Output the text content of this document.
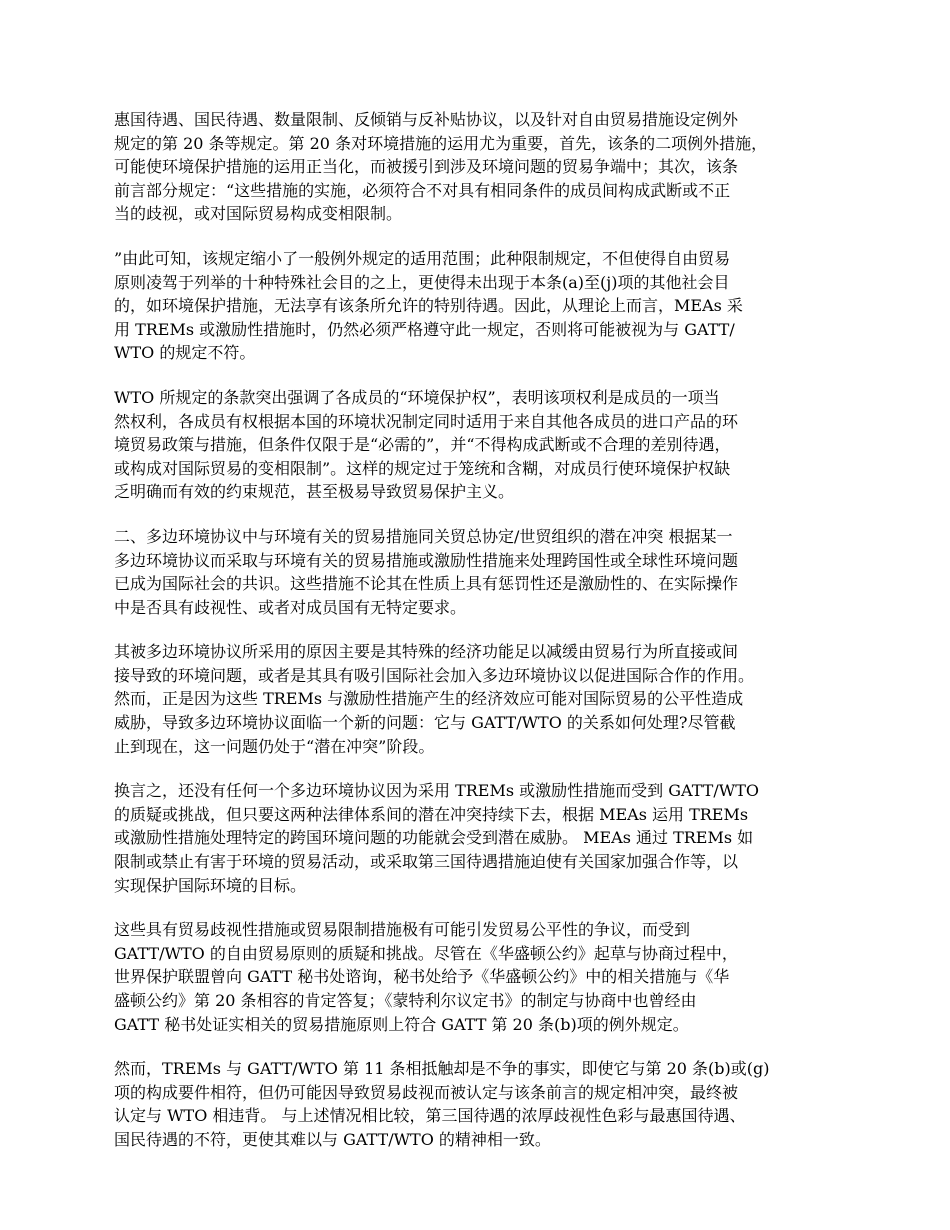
惠国待遇、国民待遇、数量限制、反倾销与反补贴协议，以及针对自由贸易措施设定例外
规定的第 20 条等规定。第 20 条对环境措施的运用尤为重要，首先，该条的二项例外措施，
可能使环境保护措施的运用正当化，而被援引到涉及环境问题的贸易争端中；其次，该条
前言部分规定：“这些措施的实施，必须符合不对具有相同条件的成员间构成武断或不正
当的歧视，或对国际贸易构成变相限制。
”由此可知，该规定缩小了一般例外规定的适用范围；此种限制规定，不但使得自由贸易
原则凌驾于列举的十种特殊社会目的之上，更使得未出现于本条(a)至(j)项的其他社会目
的，如环境保护措施，无法享有该条所允许的特别待遇。因此，从理论上而言，MEAs 采
用 TREMs 或激励性措施时，仍然必须严格遵守此一规定，否则将可能被视为与 GATT/
WTO 的规定不符。
WTO 所规定的条款突出强调了各成员的“环境保护权”，表明该项权利是成员的一项当
然权利，各成员有权根据本国的环境状况制定同时适用于来自其他各成员的进口产品的环
境贸易政策与措施，但条件仅限于是“必需的”，并“不得构成武断或不合理的差别待遇，
或构成对国际贸易的变相限制”。这样的规定过于笼统和含糊，对成员行使环境保护权缺
乏明确而有效的约束规范，甚至极易导致贸易保护主义。
二、多边环境协议中与环境有关的贸易措施同关贸总协定/世贸组织的潜在冲突 根据某一
多边环境协议而采取与环境有关的贸易措施或激励性措施来处理跨国性或全球性环境问题
已成为国际社会的共识。这些措施不论其在性质上具有惩罚性还是激励性的、在实际操作
中是否具有歧视性、或者对成员国有无特定要求。
其被多边环境协议所采用的原因主要是其特殊的经济功能足以减缓由贸易行为所直接或间
接导致的环境问题，或者是其具有吸引国际社会加入多边环境协议以促进国际合作的作用。
然而，正是因为这些 TREMs 与激励性措施产生的经济效应可能对国际贸易的公平性造成
威胁，导致多边环境协议面临一个新的问题：它与 GATT/WTO 的关系如何处理?尽管截
止到现在，这一问题仍处于“潜在冲突”阶段。
换言之，还没有任何一个多边环境协议因为采用 TREMs 或激励性措施而受到 GATT/WTO
的质疑或挑战，但只要这两种法律体系间的潜在冲突持续下去，根据 MEAs 运用 TREMs
或激励性措施处理特定的跨国环境问题的功能就会受到潜在威胁。 MEAs 通过 TREMs 如
限制或禁止有害于环境的贸易活动，或采取第三国待遇措施迫使有关国家加强合作等，以
实现保护国际环境的目标。
这些具有贸易歧视性措施或贸易限制措施极有可能引发贸易公平性的争议，而受到
GATT/WTO 的自由贸易原则的质疑和挑战。尽管在《华盛顿公约》起草与协商过程中，
世界保护联盟曾向 GATT 秘书处谘询，秘书处给予《华盛顿公约》中的相关措施与《华
盛顿公约》第 20 条相容的肯定答复；《蒙特利尔议定书》的制定与协商中也曾经由
GATT 秘书处证实相关的贸易措施原则上符合 GATT 第 20 条(b)项的例外规定。
然而，TREMs 与 GATT/WTO 第 11 条相抵触却是不争的事实，即使它与第 20 条(b)或(g)
项的构成要件相符，但仍可能因导致贸易歧视而被认定与该条前言的规定相冲突，最终被
认定与 WTO 相违背。 与上述情况相比较，第三国待遇的浓厚歧视性色彩与最惠国待遇、
国民待遇的不符，更使其难以与 GATT/WTO 的精神相一致。
